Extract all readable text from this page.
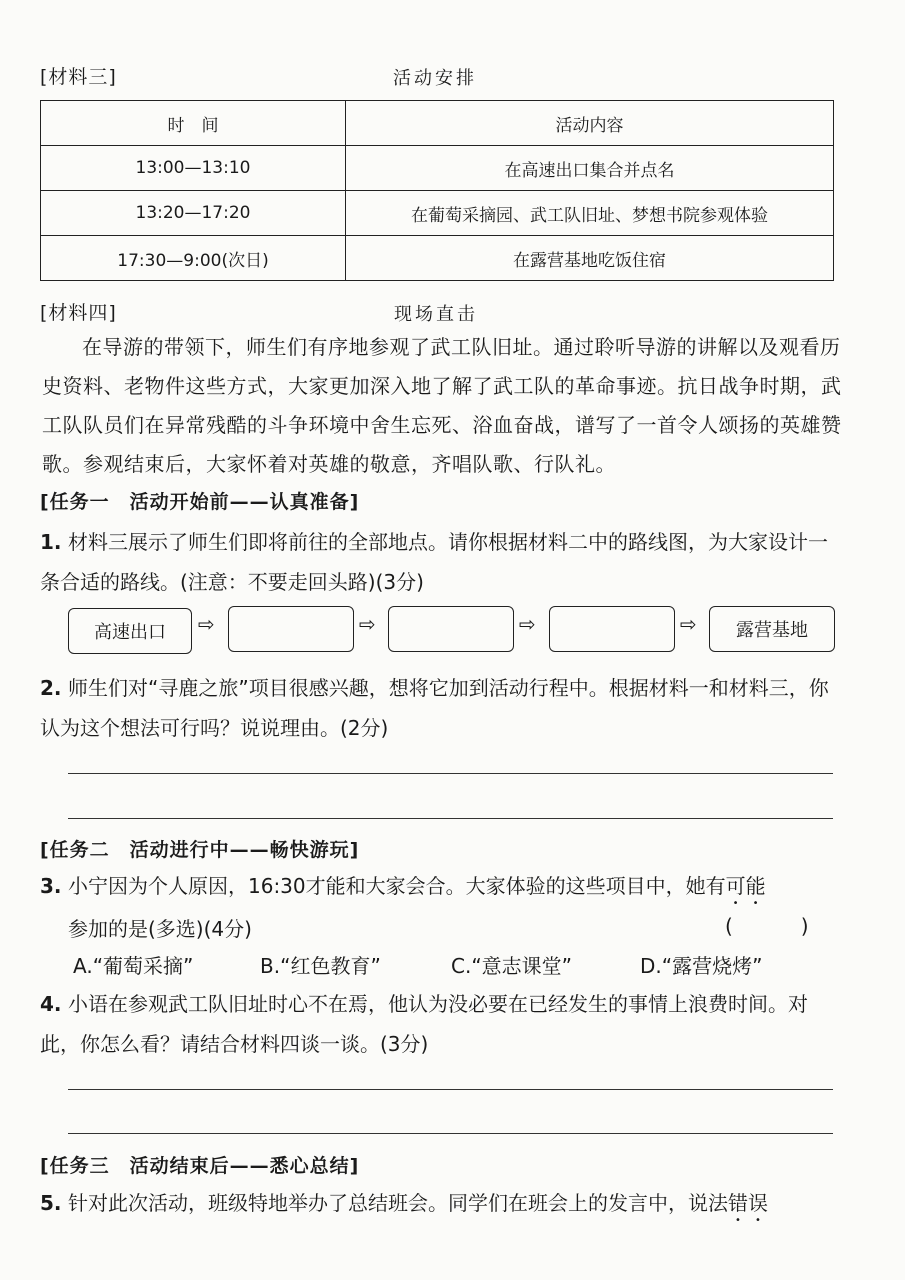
[材料三]	活动安排
时　间	活动内容
13:00—13:10	在高速出口集合并点名
13:20—17:20	在葡萄采摘园、武工队旧址、梦想书院参观体验
17:30—9:00(次日)	在露营基地吃饭住宿
[材料四]	现场直击
在导游的带领下，师生们有序地参观了武工队旧址。通过聆听导游的讲解以及观看历史资料、老物件这些方式，大家更加深入地了解了武工队的革命事迹。抗日战争时期，武工队队员们在异常残酷的斗争环境中舍生忘死、浴血奋战，谱写了一首令人颂扬的英雄赞歌。参观结束后，大家怀着对英雄的敬意，齐唱队歌、行队礼。
[任务一　活动开始前——认真准备]
1. 材料三展示了师生们即将前往的全部地点。请你根据材料二中的路线图，为大家设计一条合适的路线。(注意：不要走回头路)(3分)
高速出口	⇨	⇨	⇨	⇨	露营基地
2. 师生们对“寻鹿之旅”项目很感兴趣，想将它加到活动行程中。根据材料一和材料三，你认为这个想法可行吗？说说理由。(2分)
[任务二　活动进行中——畅快游玩]
3. 小宁因为个人原因，16:30才能和大家会合。大家体验的这些项目中，她有可能
参加的是(多选)(4分)	(　　　)
A.“葡萄采摘”	B.“红色教育”	C.“意志课堂”	D.“露营烧烤”
4. 小语在参观武工队旧址时心不在焉，他认为没必要在已经发生的事情上浪费时间。对此，你怎么看？请结合材料四谈一谈。(3分)
[任务三　活动结束后——悉心总结]
5. 针对此次活动，班级特地举办了总结班会。同学们在班会上的发言中，说法错误
